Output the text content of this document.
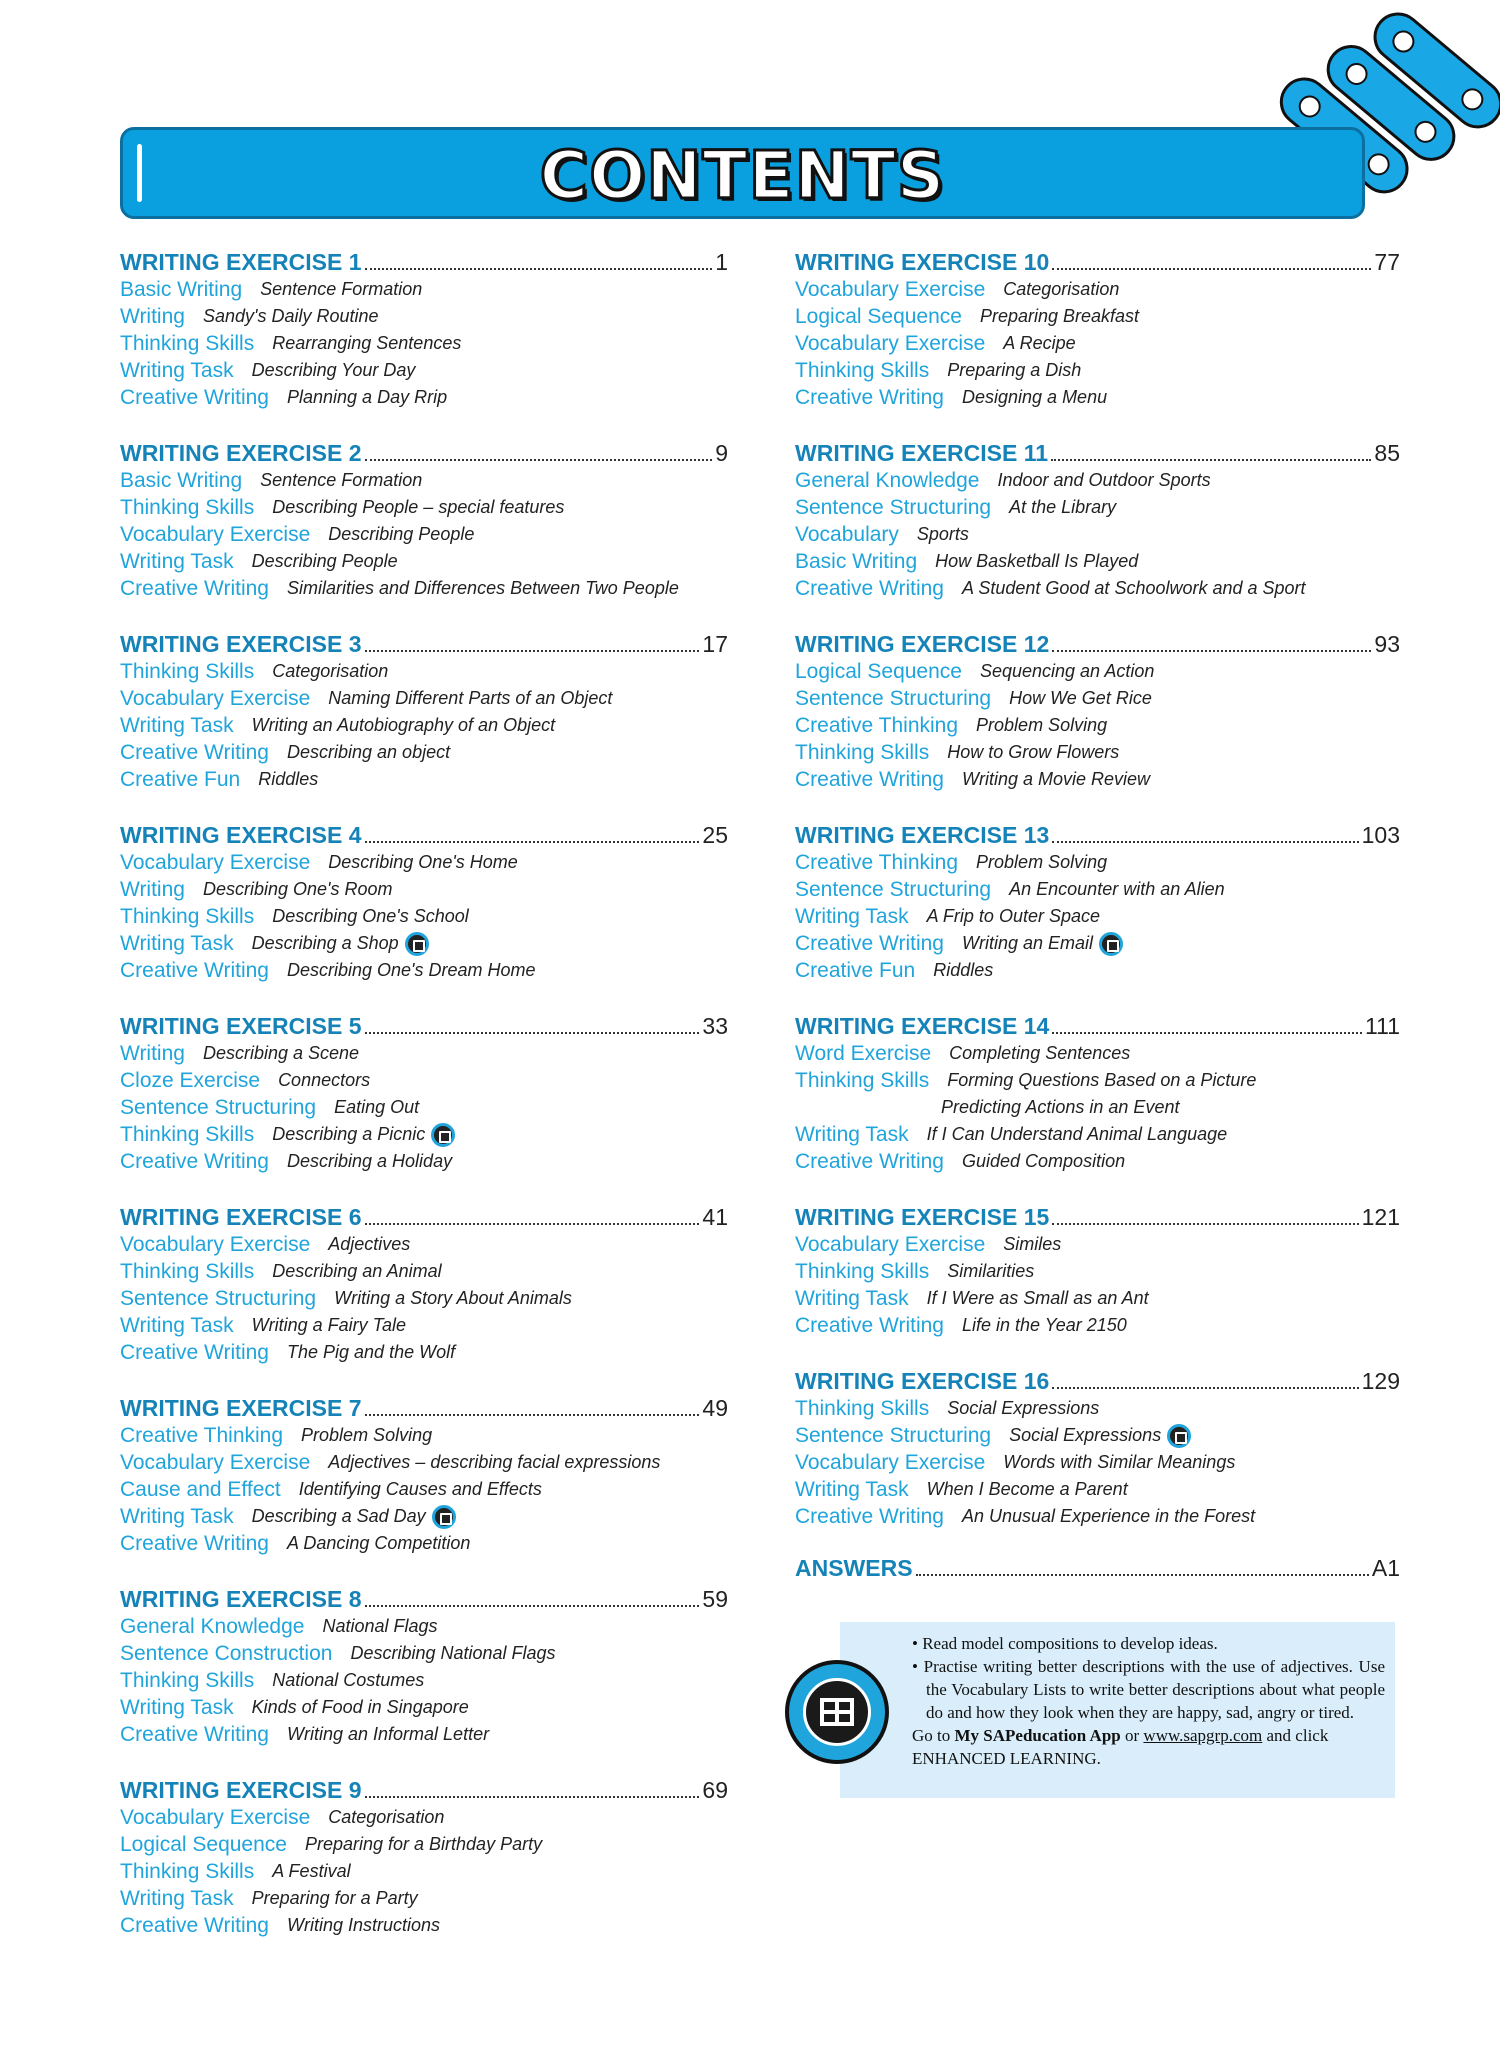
CONTENTS
WRITING EXERCISE 1	1
Basic Writing Sentence Formation
Writing Sandy's Daily Routine
Thinking Skills Rearranging Sentences
Writing Task Describing Your Day
Creative Writing Planning a Day Rrip
WRITING EXERCISE 2	9
Basic Writing Sentence Formation
Thinking Skills Describing People – special features
Vocabulary Exercise Describing People
Writing Task Describing People
Creative Writing Similarities and Differences Between Two People
WRITING EXERCISE 3	17
Thinking Skills Categorisation
Vocabulary Exercise Naming Different Parts of an Object
Writing Task Writing an Autobiography of an Object
Creative Writing Describing an object
Creative Fun Riddles
WRITING EXERCISE 4	25
Vocabulary Exercise Describing One's Home
Writing Describing One's Room
Thinking Skills Describing One's School
Writing Task Describing a Shop
Creative Writing Describing One's Dream Home
WRITING EXERCISE 5	33
Writing Describing a Scene
Cloze Exercise Connectors
Sentence Structuring Eating Out
Thinking Skills Describing a Picnic
Creative Writing Describing a Holiday
WRITING EXERCISE 6	41
Vocabulary Exercise Adjectives
Thinking Skills Describing an Animal
Sentence Structuring Writing a Story About Animals
Writing Task Writing a Fairy Tale
Creative Writing The Pig and the Wolf
WRITING EXERCISE 7	49
Creative Thinking Problem Solving
Vocabulary Exercise Adjectives – describing facial expressions
Cause and Effect Identifying Causes and Effects
Writing Task Describing a Sad Day
Creative Writing A Dancing Competition
WRITING EXERCISE 8	59
General Knowledge National Flags
Sentence Construction Describing National Flags
Thinking Skills National Costumes
Writing Task Kinds of Food in Singapore
Creative Writing Writing an Informal Letter
WRITING EXERCISE 9	69
Vocabulary Exercise Categorisation
Logical Sequence Preparing for a Birthday Party
Thinking Skills A Festival
Writing Task Preparing for a Party
Creative Writing Writing Instructions
WRITING EXERCISE 10	77
Vocabulary Exercise Categorisation
Logical Sequence Preparing Breakfast
Vocabulary Exercise A Recipe
Thinking Skills Preparing a Dish
Creative Writing Designing a Menu
WRITING EXERCISE 11	85
General Knowledge Indoor and Outdoor Sports
Sentence Structuring At the Library
Vocabulary Sports
Basic Writing How Basketball Is Played
Creative Writing A Student Good at Schoolwork and a Sport
WRITING EXERCISE 12	93
Logical Sequence Sequencing an Action
Sentence Structuring How We Get Rice
Creative Thinking Problem Solving
Thinking Skills How to Grow Flowers
Creative Writing Writing a Movie Review
WRITING EXERCISE 13	103
Creative Thinking Problem Solving
Sentence Structuring An Encounter with an Alien
Writing Task A Frip to Outer Space
Creative Writing Writing an Email
Creative Fun Riddles
WRITING EXERCISE 14	111
Word Exercise Completing Sentences
Thinking Skills Forming Questions Based on a Picture
Predicting Actions in an Event
Writing Task If I Can Understand Animal Language
Creative Writing Guided Composition
WRITING EXERCISE 15	121
Vocabulary Exercise Similes
Thinking Skills Similarities
Writing Task If I Were as Small as an Ant
Creative Writing Life in the Year 2150
WRITING EXERCISE 16	129
Thinking Skills Social Expressions
Sentence Structuring Social Expressions
Vocabulary Exercise Words with Similar Meanings
Writing Task When I Become a Parent
Creative Writing An Unusual Experience in the Forest
ANSWERS	A1
• Read model compositions to develop ideas.
• Practise writing better descriptions with the use of adjectives. Use the Vocabulary Lists to write better descriptions about what people do and how they look when they are happy, sad, angry or tired.
Go to My SAPeducation App or www.sapgrp.com and click ENHANCED LEARNING.
